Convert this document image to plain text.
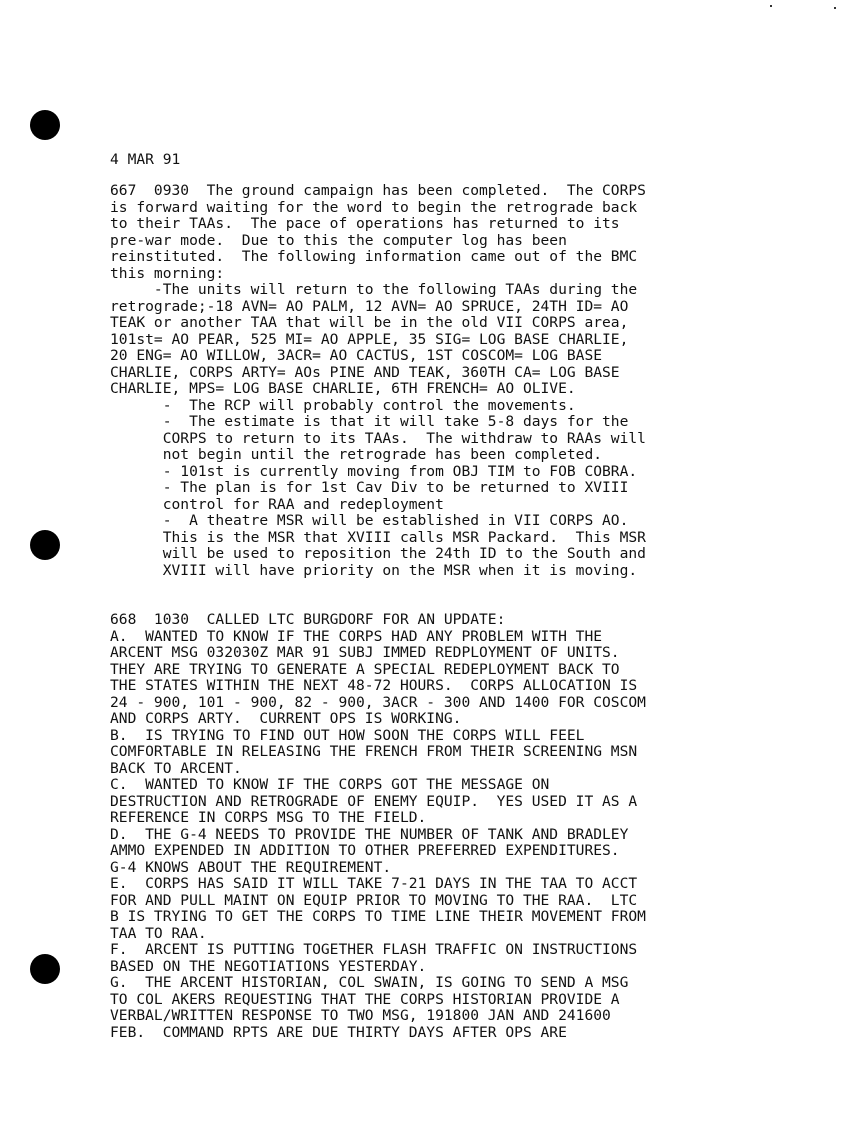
4 MAR 91
667  0930  The ground campaign has been completed.  The CORPS
is forward waiting for the word to begin the retrograde back
to their TAAs.  The pace of operations has returned to its
pre-war mode.  Due to this the computer log has been
reinstituted.  The following information came out of the BMC
this morning:
-The units will return to the following TAAs during the
retrograde;-18 AVN= AO PALM, 12 AVN= AO SPRUCE, 24TH ID= AO
TEAK or another TAA that will be in the old VII CORPS area,
101st= AO PEAR, 525 MI= AO APPLE, 35 SIG= LOG BASE CHARLIE,
20 ENG= AO WILLOW, 3ACR= AO CACTUS, 1ST COSCOM= LOG BASE
CHARLIE, CORPS ARTY= AOs PINE AND TEAK, 360TH CA= LOG BASE
CHARLIE, MPS= LOG BASE CHARLIE, 6TH FRENCH= AO OLIVE.
-  The RCP will probably control the movements.
-  The estimate is that it will take 5-8 days for the
CORPS to return to its TAAs.  The withdraw to RAAs will
not begin until the retrograde has been completed.
- 101st is currently moving from OBJ TIM to FOB COBRA.
- The plan is for 1st Cav Div to be returned to XVIII
control for RAA and redeployment
-  A theatre MSR will be established in VII CORPS AO.
This is the MSR that XVIII calls MSR Packard.  This MSR
will be used to reposition the 24th ID to the South and
XVIII will have priority on the MSR when it is moving.
668  1030  CALLED LTC BURGDORF FOR AN UPDATE:
A.  WANTED TO KNOW IF THE CORPS HAD ANY PROBLEM WITH THE
ARCENT MSG 032030Z MAR 91 SUBJ IMMED REDPLOYMENT OF UNITS.
THEY ARE TRYING TO GENERATE A SPECIAL REDEPLOYMENT BACK TO
THE STATES WITHIN THE NEXT 48-72 HOURS.  CORPS ALLOCATION IS
24 - 900, 101 - 900, 82 - 900, 3ACR - 300 AND 1400 FOR COSCOM
AND CORPS ARTY.  CURRENT OPS IS WORKING.
B.  IS TRYING TO FIND OUT HOW SOON THE CORPS WILL FEEL
COMFORTABLE IN RELEASING THE FRENCH FROM THEIR SCREENING MSN
BACK TO ARCENT.
C.  WANTED TO KNOW IF THE CORPS GOT THE MESSAGE ON
DESTRUCTION AND RETROGRADE OF ENEMY EQUIP.  YES USED IT AS A
REFERENCE IN CORPS MSG TO THE FIELD.
D.  THE G-4 NEEDS TO PROVIDE THE NUMBER OF TANK AND BRADLEY
AMMO EXPENDED IN ADDITION TO OTHER PREFERRED EXPENDITURES.
G-4 KNOWS ABOUT THE REQUIREMENT.
E.  CORPS HAS SAID IT WILL TAKE 7-21 DAYS IN THE TAA TO ACCT
FOR AND PULL MAINT ON EQUIP PRIOR TO MOVING TO THE RAA.  LTC
B IS TRYING TO GET THE CORPS TO TIME LINE THEIR MOVEMENT FROM
TAA TO RAA.
F.  ARCENT IS PUTTING TOGETHER FLASH TRAFFIC ON INSTRUCTIONS
BASED ON THE NEGOTIATIONS YESTERDAY.
G.  THE ARCENT HISTORIAN, COL SWAIN, IS GOING TO SEND A MSG
TO COL AKERS REQUESTING THAT THE CORPS HISTORIAN PROVIDE A
VERBAL/WRITTEN RESPONSE TO TWO MSG, 191800 JAN AND 241600
FEB.  COMMAND RPTS ARE DUE THIRTY DAYS AFTER OPS ARE
